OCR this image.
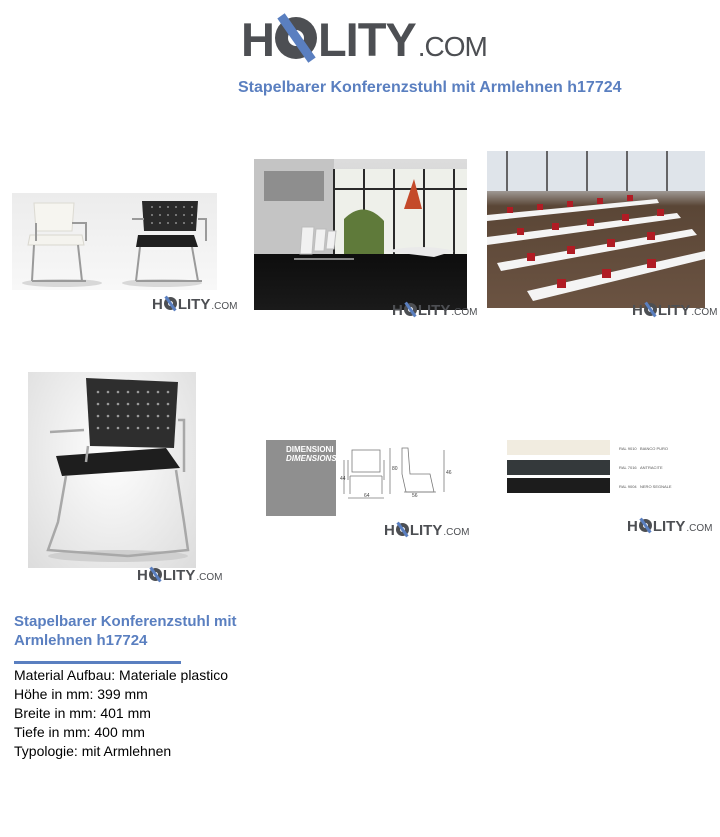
H LITY .COM
Stapelbarer Konferenzstuhl mit Armlehnen h17724
H LITY .COM	H LITY .COM	H LITY .COM
H LITY .COM
DIMENSIONI
DIMENSIONS
64
80
44
56
46
H LITY .COM
RAL 9010 BIANCO PURO
RAL 7016 ANTRACITE
RAL 9004 NERO SEGNALE
H LITY .COM
Stapelbarer Konferenzstuhl mit Armlehnen h17724
Material Aufbau: Materiale plastico
Höhe in mm: 399 mm
Breite in mm: 401 mm
Tiefe in mm: 400 mm
Typologie: mit Armlehnen
